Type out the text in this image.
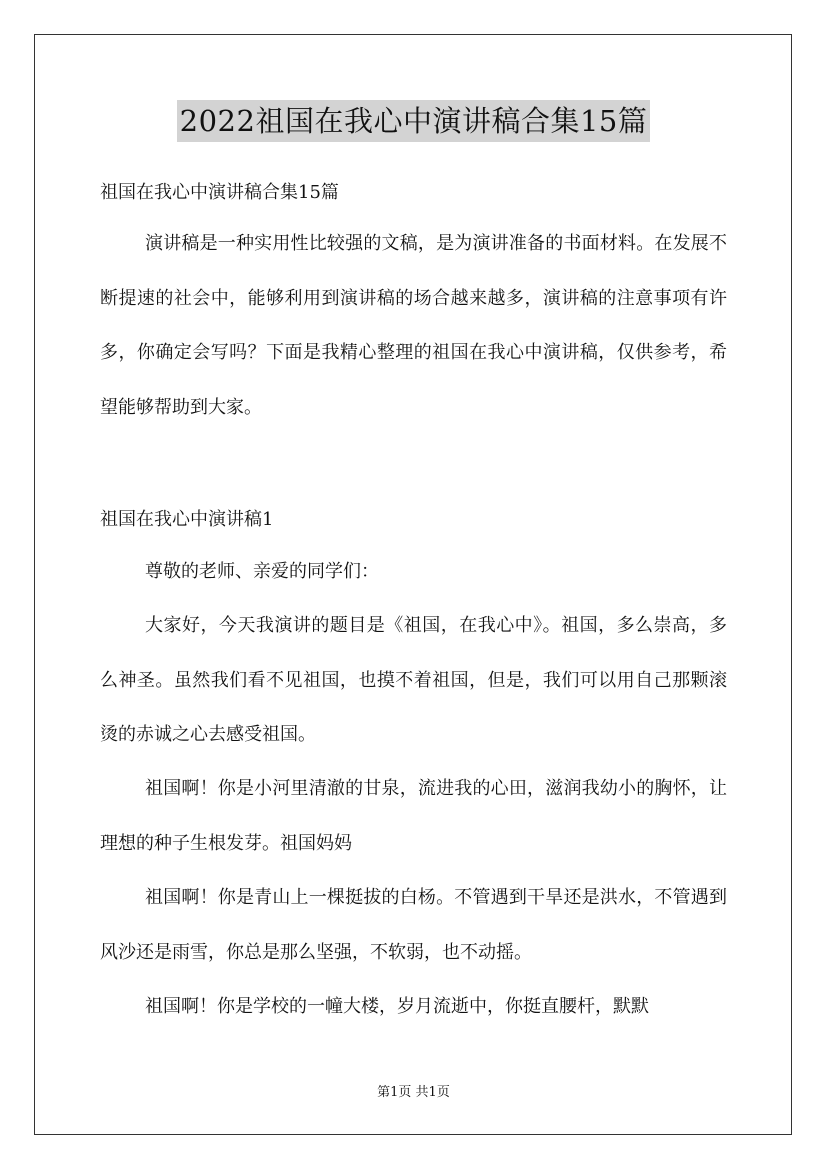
2022祖国在我心中演讲稿合集15篇
祖国在我心中演讲稿合集15篇

演讲稿是一种实用性比较强的文稿，是为演讲准备的书面材料。在发展不断提速的社会中，能够利用到演讲稿的场合越来越多，演讲稿的注意事项有许多，你确定会写吗？下面是我精心整理的祖国在我心中演讲稿，仅供参考，希望能够帮助到大家。

祖国在我心中演讲稿1

尊敬的老师、亲爱的同学们：

大家好，今天我演讲的题目是《祖国，在我心中》。祖国，多么崇高，多么神圣。虽然我们看不见祖国，也摸不着祖国，但是，我们可以用自己那颗滚烫的赤诚之心去感受祖国。

祖国啊！你是小河里清澈的甘泉，流进我的心田，滋润我幼小的胸怀，让理想的种子生根发芽。祖国妈妈

祖国啊！你是青山上一棵挺拔的白杨。不管遇到干旱还是洪水，不管遇到风沙还是雨雪，你总是那么坚强，不软弱，也不动摇。

祖国啊！你是学校的一幢大楼，岁月流逝中，你挺直腰杆，默默

第1页 共1页
